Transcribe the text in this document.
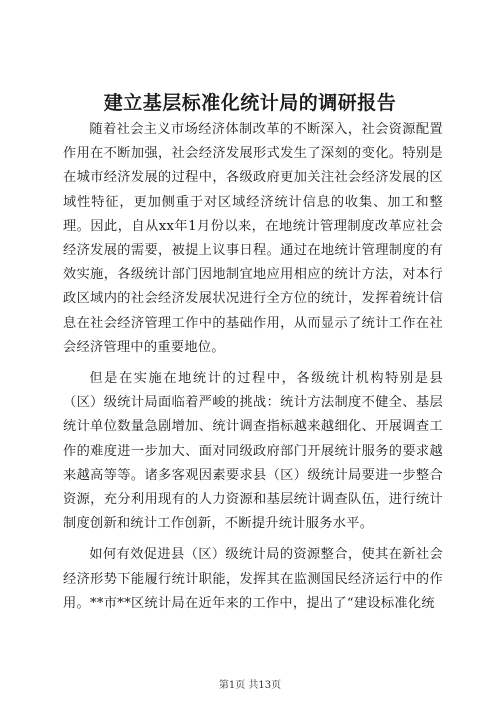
建立基层标准化统计局的调研报告

随着社会主义市场经济体制改革的不断深入，社会资源配置作用在不断加强，社会经济发展形式发生了深刻的变化。特别是在城市经济发展的过程中，各级政府更加关注社会经济发展的区域性特征，更加侧重于对区域经济统计信息的收集、加工和整理。因此，自从xx年1月份以来，在地统计管理制度改革应社会经济发展的需要，被提上议事日程。通过在地统计管理制度的有效实施，各级统计部门因地制宜地应用相应的统计方法，对本行政区域内的社会经济发展状况进行全方位的统计，发挥着统计信息在社会经济管理工作中的基础作用，从而显示了统计工作在社会经济管理中的重要地位。

但是在实施在地统计的过程中，各级统计机构特别是县（区）级统计局面临着严峻的挑战：统计方法制度不健全、基层统计单位数量急剧增加、统计调查指标越来越细化、开展调查工作的难度进一步加大、面对同级政府部门开展统计服务的要求越来越高等等。诸多客观因素要求县（区）级统计局要进一步整合资源，充分利用现有的人力资源和基层统计调查队伍，进行统计制度创新和统计工作创新，不断提升统计服务水平。

如何有效促进县（区）级统计局的资源整合，使其在新社会经济形势下能履行统计职能，发挥其在监测国民经济运行中的作用。**市**区统计局在近年来的工作中，提出了“建设标准化统

第1页 共13页
